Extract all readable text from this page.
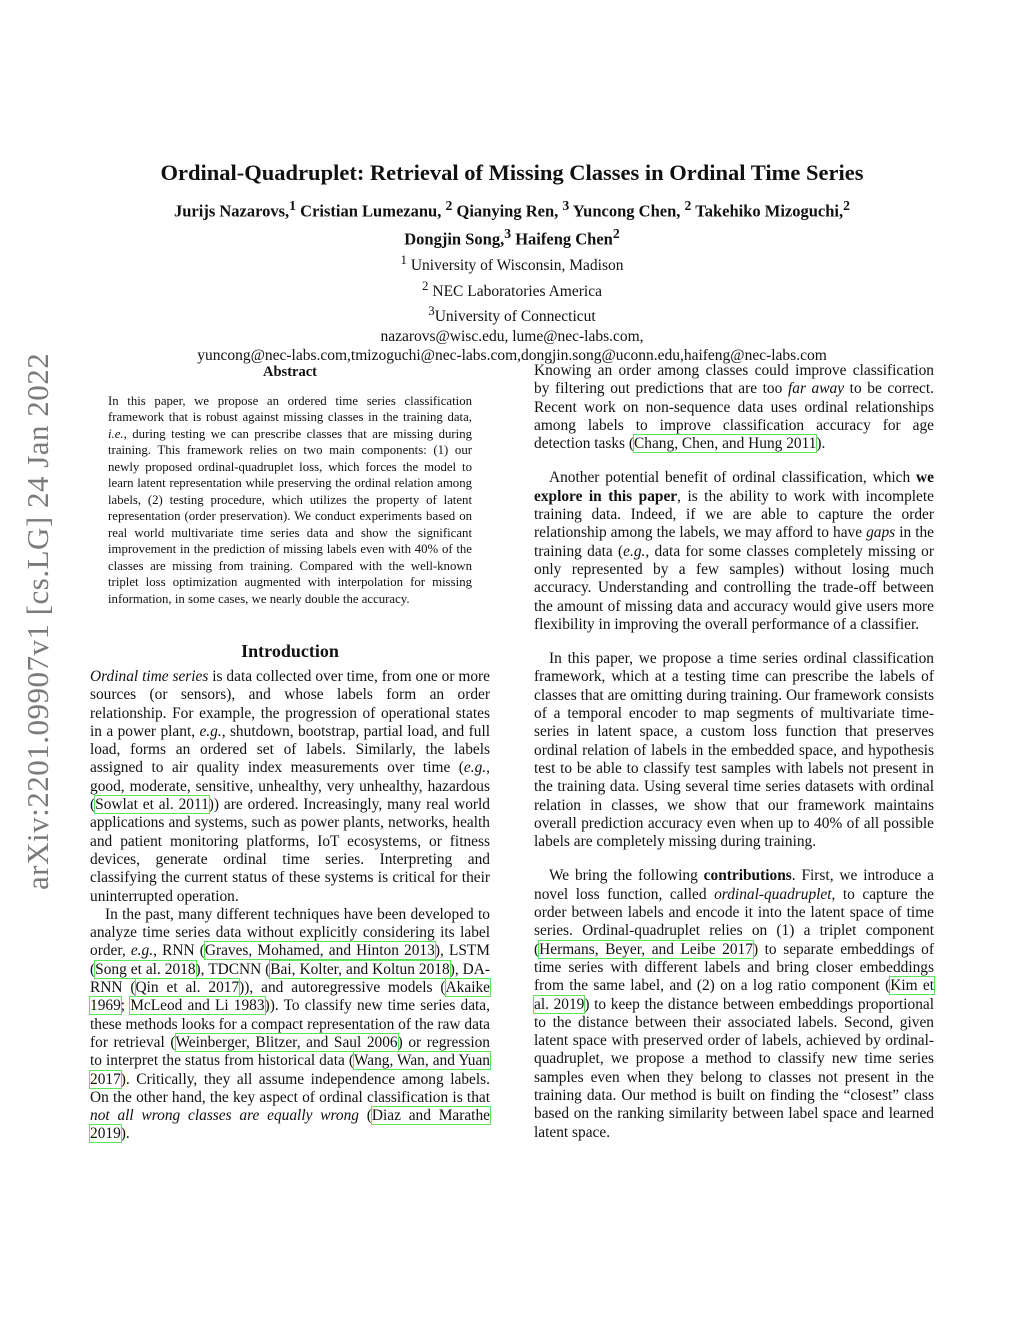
arXiv:2201.09907v1 [cs.LG] 24 Jan 2022
Ordinal-Quadruplet: Retrieval of Missing Classes in Ordinal Time Series
Jurijs Nazarovs,$^1$ Cristian Lumezanu, $^2$ Qianying Ren, $^3$ Yuncong Chen, $^2$ Takehiko Mizoguchi,$^2$
Dongjin Song,$^3$ Haifeng Chen$^2$
$^1$ University of Wisconsin, Madison
$^2$ NEC Laboratories America
$^3$University of Connecticut
nazarovs@wisc.edu, lume@nec-labs.com,
yuncong@nec-labs.com,tmizoguchi@nec-labs.com,dongjin.song@uconn.edu,haifeng@nec-labs.com
Abstract
In this paper, we propose an ordered time series classification framework that is robust against missing classes in the training data, i.e., during testing we can prescribe classes that are missing during training. This framework relies on two main components: (1) our newly proposed ordinal-quadruplet loss, which forces the model to learn latent representation while preserving the ordinal relation among labels, (2) testing procedure, which utilizes the property of latent representation (order preservation). We conduct experiments based on real world multivariate time series data and show the significant improvement in the prediction of missing labels even with 40% of the classes are missing from training. Compared with the well-known triplet loss optimization augmented with interpolation for missing information, in some cases, we nearly double the accuracy.
Introduction

Ordinal time series is data collected over time, from one or more sources (or sensors), and whose labels form an order relationship. For example, the progression of operational states in a power plant, e.g., shutdown, bootstrap, partial load, and full load, forms an ordered set of labels. Similarly, the labels assigned to air quality index measurements over time (e.g., good, moderate, sensitive, unhealthy, very unhealthy, hazardous (Sowlat et al. 2011)) are ordered. Increasingly, many real world applications and systems, such as power plants, networks, health and patient monitoring platforms, IoT ecosystems, or fitness devices, generate ordinal time series. Interpreting and classifying the current status of these systems is critical for their uninterrupted operation.

In the past, many different techniques have been developed to analyze time series data without explicitly considering its label order, e.g., RNN (Graves, Mohamed, and Hinton 2013), LSTM (Song et al. 2018), TDCNN (Bai, Kolter, and Koltun 2018), DA-RNN (Qin et al. 2017)), and autoregressive models (Akaike 1969; McLeod and Li 1983)). To classify new time series data, these methods looks for a compact representation of the raw data for retrieval (Weinberger, Blitzer, and Saul 2006) or regression to interpret the status from historical data (Wang, Wan, and Yuan 2017). Critically, they all assume independence among labels. On the other hand, the key aspect of ordinal classification is that not all wrong classes are equally wrong (Diaz and Marathe 2019).

Knowing an order among classes could improve classification by filtering out predictions that are too far away to be correct. Recent work on non-sequence data uses ordinal relationships among labels to improve classification accuracy for age detection tasks (Chang, Chen, and Hung 2011).

Another potential benefit of ordinal classification, which we explore in this paper, is the ability to work with incomplete training data. Indeed, if we are able to capture the order relationship among the labels, we may afford to have gaps in the training data (e.g., data for some classes completely missing or only represented by a few samples) without losing much accuracy. Understanding and controlling the trade-off between the amount of missing data and accuracy would give users more flexibility in improving the overall performance of a classifier.

In this paper, we propose a time series ordinal classification framework, which at a testing time can prescribe the labels of classes that are omitting during training. Our framework consists of a temporal encoder to map segments of multivariate time-series in latent space, a custom loss function that preserves ordinal relation of labels in the embedded space, and hypothesis test to be able to classify test samples with labels not present in the training data. Using several time series datasets with ordinal relation in classes, we show that our framework maintains overall prediction accuracy even when up to 40% of all possible labels are completely missing during training.

We bring the following contributions. First, we introduce a novel loss function, called ordinal-quadruplet, to capture the order between labels and encode it into the latent space of time series. Ordinal-quadruplet relies on (1) a triplet component (Hermans, Beyer, and Leibe 2017) to separate embeddings of time series with different labels and bring closer embeddings from the same label, and (2) on a log ratio component (Kim et al. 2019) to keep the distance between embeddings proportional to the distance between their associated labels. Second, given latent space with preserved order of labels, achieved by ordinal-quadruplet, we propose a method to classify new time series samples even when they belong to classes not present in the training data. Our method is built on finding the “closest” class based on the ranking similarity between label space and learned latent space.
